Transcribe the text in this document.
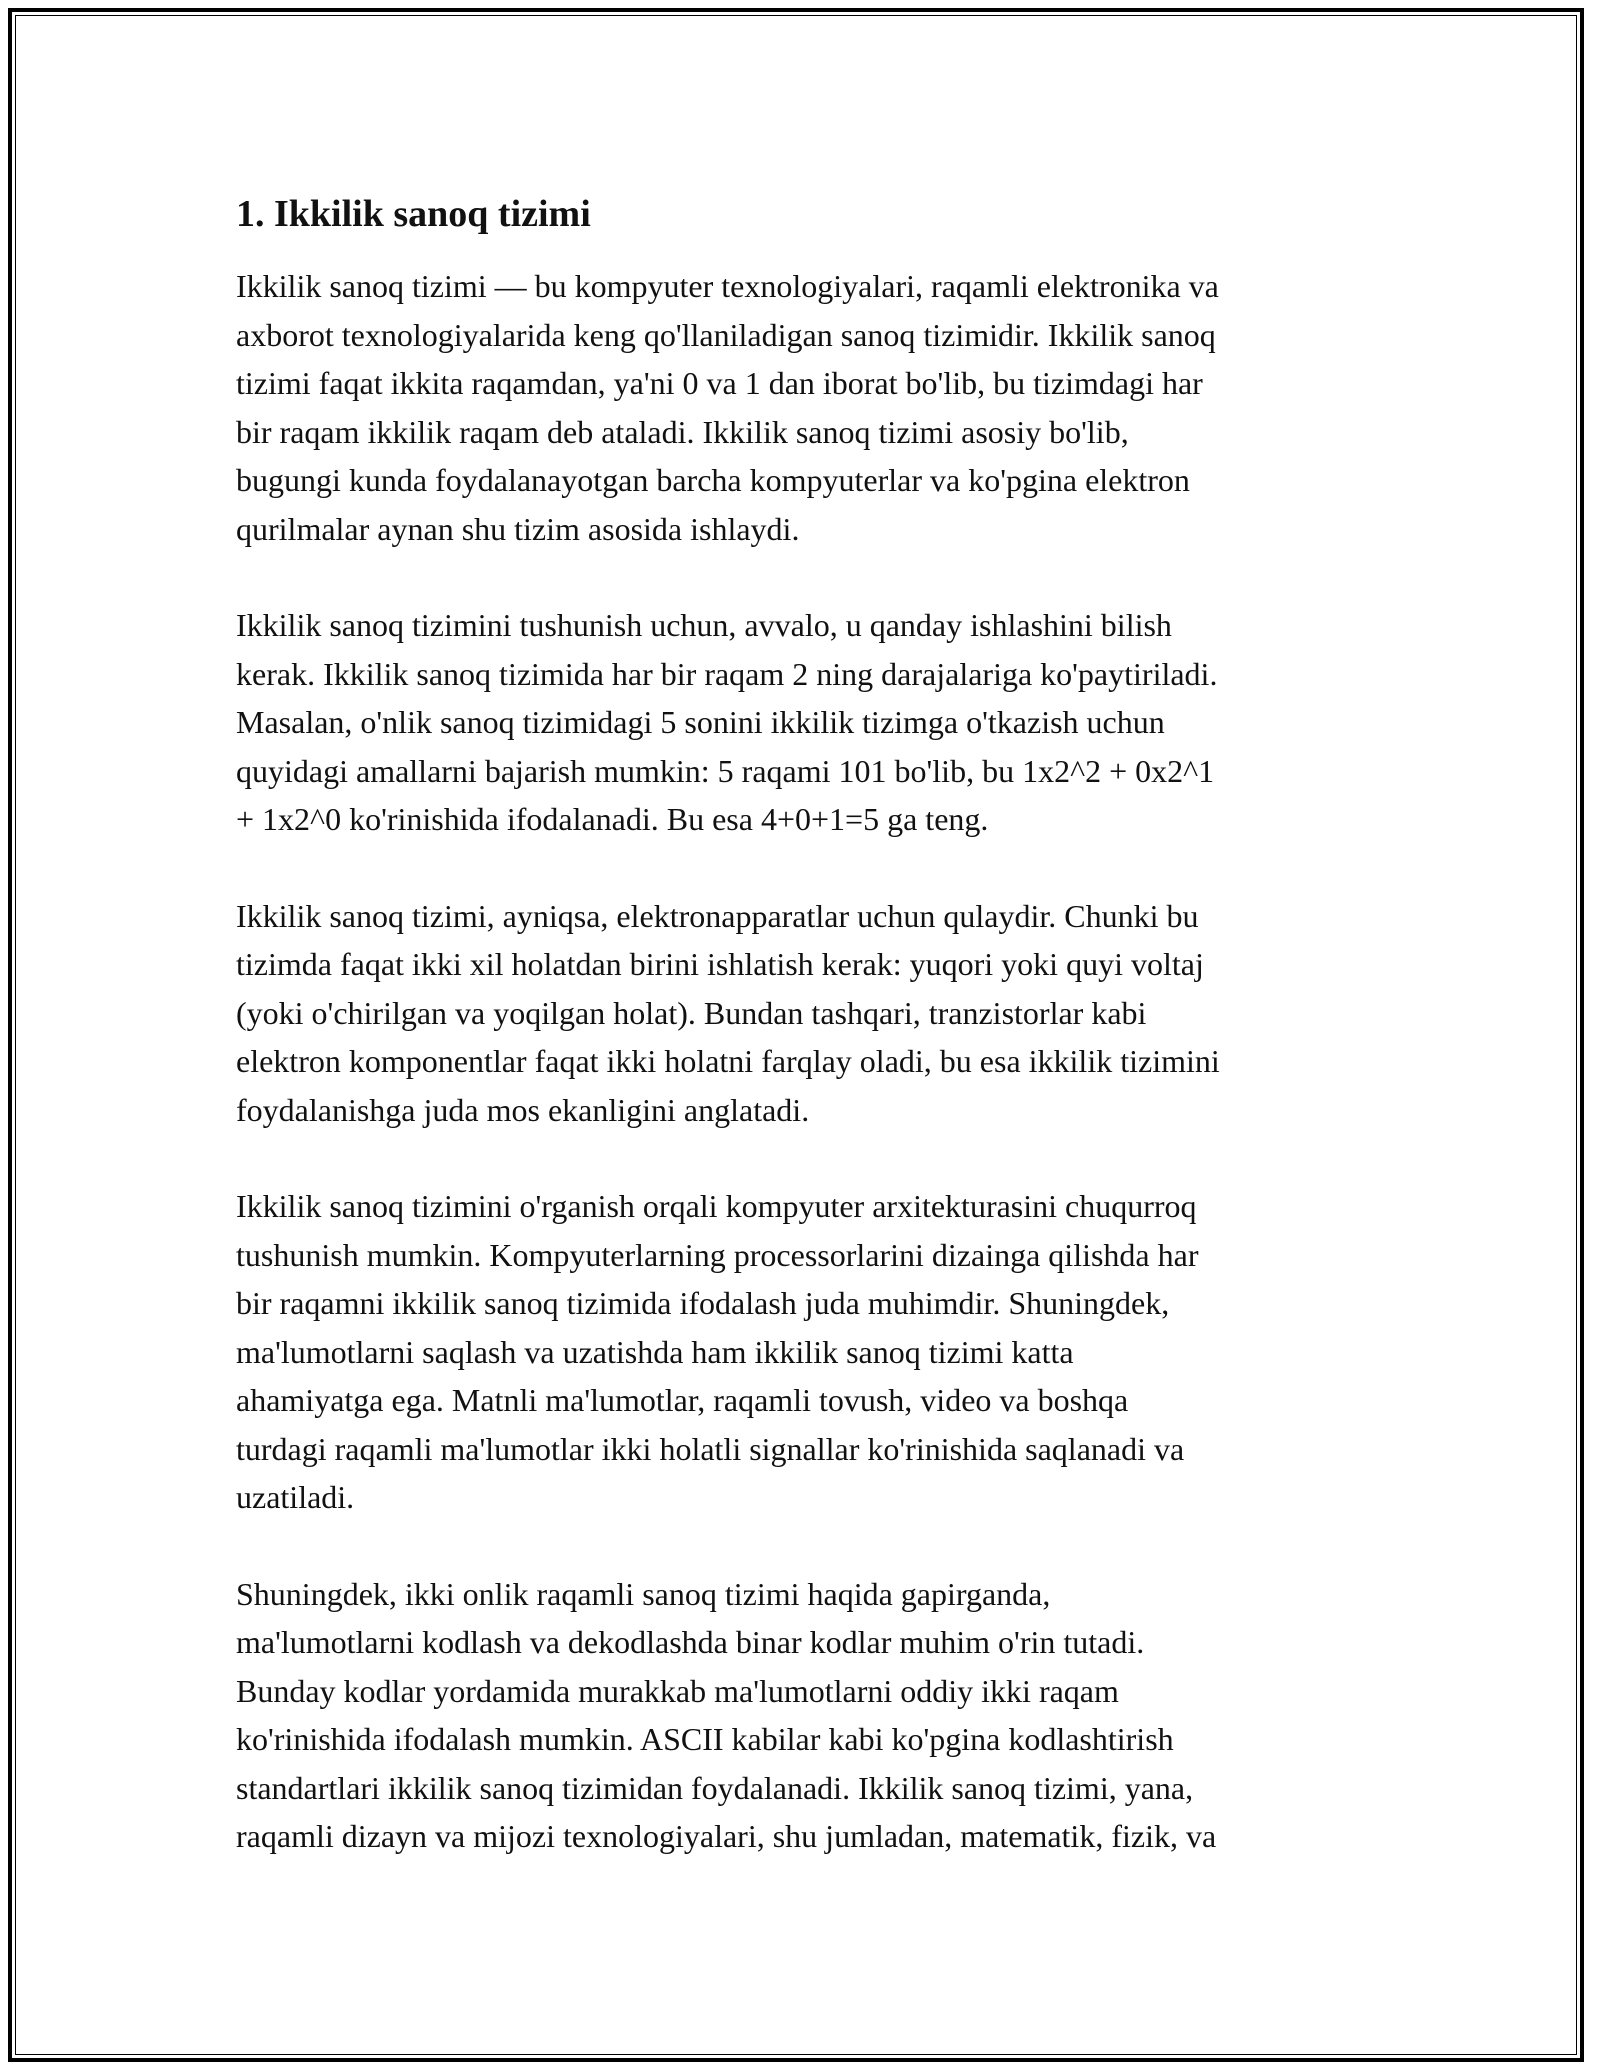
1. Ikkilik sanoq tizimi

Ikkilik sanoq tizimi — bu kompyuter texnologiyalari, raqamli elektronika va
axborot texnologiyalarida keng qo'llaniladigan sanoq tizimidir. Ikkilik sanoq
tizimi faqat ikkita raqamdan, ya'ni 0 va 1 dan iborat bo'lib, bu tizimdagi har
bir raqam ikkilik raqam deb ataladi. Ikkilik sanoq tizimi asosiy bo'lib,
bugungi kunda foydalanayotgan barcha kompyuterlar va ko'pgina elektron
qurilmalar aynan shu tizim asosida ishlaydi.

Ikkilik sanoq tizimini tushunish uchun, avvalo, u qanday ishlashini bilish
kerak. Ikkilik sanoq tizimida har bir raqam 2 ning darajalariga ko'paytiriladi.
Masalan, o'nlik sanoq tizimidagi 5 sonini ikkilik tizimga o'tkazish uchun
quyidagi amallarni bajarish mumkin: 5 raqami 101 bo'lib, bu 1x2^2 + 0x2^1
+ 1x2^0 ko'rinishida ifodalanadi. Bu esa 4+0+1=5 ga teng.

Ikkilik sanoq tizimi, ayniqsa, elektronapparatlar uchun qulaydir. Chunki bu
tizimda faqat ikki xil holatdan birini ishlatish kerak: yuqori yoki quyi voltaj
(yoki o'chirilgan va yoqilgan holat). Bundan tashqari, tranzistorlar kabi
elektron komponentlar faqat ikki holatni farqlay oladi, bu esa ikkilik tizimini
foydalanishga juda mos ekanligini anglatadi.

Ikkilik sanoq tizimini o'rganish orqali kompyuter arxitekturasini chuqurroq
tushunish mumkin. Kompyuterlarning processorlarini dizainga qilishda har
bir raqamni ikkilik sanoq tizimida ifodalash juda muhimdir. Shuningdek,
ma'lumotlarni saqlash va uzatishda ham ikkilik sanoq tizimi katta
ahamiyatga ega. Matnli ma'lumotlar, raqamli tovush, video va boshqa
turdagi raqamli ma'lumotlar ikki holatli signallar ko'rinishida saqlanadi va
uzatiladi.

Shuningdek, ikki onlik raqamli sanoq tizimi haqida gapirganda,
ma'lumotlarni kodlash va dekodlashda binar kodlar muhim o'rin tutadi.
Bunday kodlar yordamida murakkab ma'lumotlarni oddiy ikki raqam
ko'rinishida ifodalash mumkin. ASCII kabilar kabi ko'pgina kodlashtirish
standartlari ikkilik sanoq tizimidan foydalanadi. Ikkilik sanoq tizimi, yana,
raqamli dizayn va mijozi texnologiyalari, shu jumladan, matematik, fizik, va
